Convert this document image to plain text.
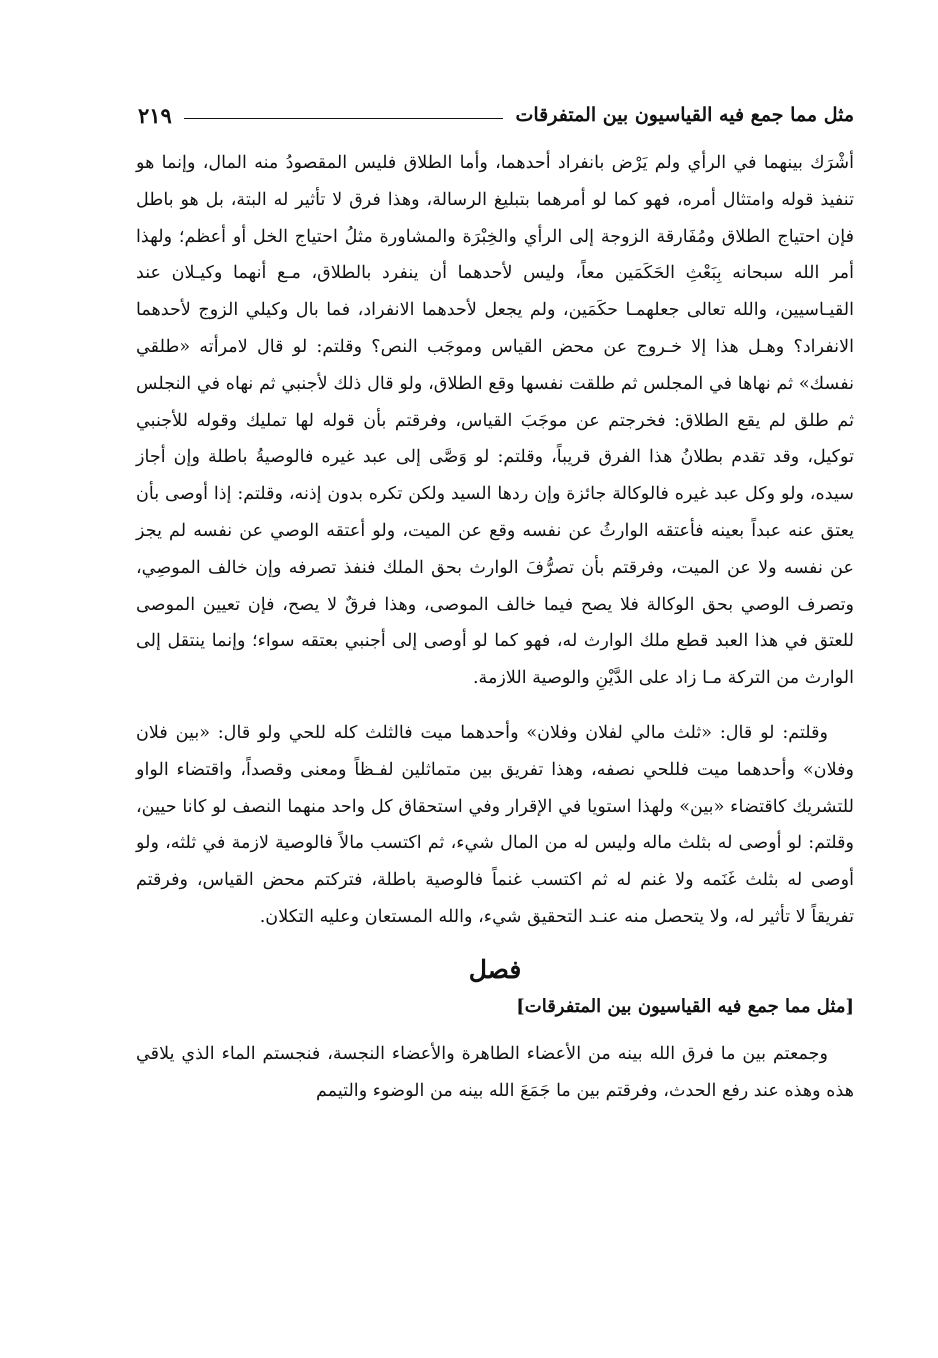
مثل مما جمع فيه القياسيون بين المتفرقات
٢١٩

أشْرَك بينهما في الرأي ولم يَرْض بانفراد أحدهما، وأما الطلاق فليس المقصودُ منه المال، وإنما هو تنفيذ قوله وامتثال أمره، فهو كما لو أمرهما بتبليغ الرسالة، وهذا فرق لا تأثير له البتة، بل هو باطل فإن احتياج الطلاق ومُفَارقة الزوجة إلى الرأي والخِبْرَة والمشاورة مثلُ احتياج الخل أو أعظم؛ ولهذا أمر الله سبحانه بِبَعْثِ الحَكَمَين معاً، وليس لأحدهما أن ينفرد بالطلاق، مـع أنهما وكيـلان عند القيـاسيين، والله تعالى جعلهمـا حكَمَين، ولم يجعل لأحدهما الانفراد، فما بال وكيلي الزوج لأحدهما الانفراد؟ وهـل هذا إلا خـروج عن محض القياس وموجَب النص؟ وقلتم: لو قال لامرأته «طلقي نفسك» ثم نهاها في المجلس ثم طلقت نفسها وقع الطلاق، ولو قال ذلك لأجنبي ثم نهاه في النجلس ثم طلق لم يقع الطلاق: فخرجتم عن موجَبَ القياس، وفرقتم بأن قوله لها تمليك وقوله للأجنبي توكيل، وقد تقدم بطلانُ هذا الفرق قريباً، وقلتم: لو وَصَّى إلى عبد غيره فالوصيةُ باطلة وإن أجاز سيده، ولو وكل عبد غيره فالوكالة جائزة وإن ردها السيد ولكن تكره بدون إذنه، وقلتم: إذا أوصى بأن يعتق عنه عبداً بعينه فأعتقه الوارثُ عن نفسه وقع عن الميت، ولو أعتقه الوصي عن نفسه لم يجز عن نفسه ولا عن الميت، وفرقتم بأن تصرُّفَ الوارث بحق الملك فنفذ تصرفه وإن خالف الموصِي، وتصرف الوصي بحق الوكالة فلا يصح فيما خالف الموصى، وهذا فرقٌ لا يصح، فإن تعيين الموصى للعتق في هذا العبد قطع ملك الوارث له، فهو كما لو أوصى إلى أجنبي بعتقه سواء؛ وإنما ينتقل إلى الوارث من التركة مـا زاد على الدَّيْنِ والوصية اللازمة.

وقلتم: لو قال: «ثلث مالي لفلان وفلان» وأحدهما ميت فالثلث كله للحي ولو قال: «بين فلان وفلان» وأحدهما ميت فللحي نصفه، وهذا تفريق بين متماثلين لفـظاً ومعنى وقصداً، واقتضاء الواو للتشريك كاقتضاء «بين» ولهذا استويا في الإقرار وفي استحقاق كل واحد منهما النصف لو كانا حيين، وقلتم: لو أوصى له بثلث ماله وليس له من المال شيء، ثم اكتسب مالاً فالوصية لازمة في ثلثه، ولو أوصى له بثلث غَنَمه ولا غنم له ثم اكتسب غنماً فالوصية باطلة، فتركتم محض القياس، وفرقتم تفريقاً لا تأثير له، ولا يتحصل منه عنـد التحقيق شيء، والله المستعان وعليه التكلان.

فصل
[مثل مما جمع فيه القياسيون بين المتفرقات]

وجمعتم بين ما فرق الله بينه من الأعضاء الطاهرة والأعضاء النجسة، فنجستم الماء الذي يلاقي هذه وهذه عند رفع الحدث، وفرقتم بين ما جَمَعَ الله بينه من الوضوء والتيمم
